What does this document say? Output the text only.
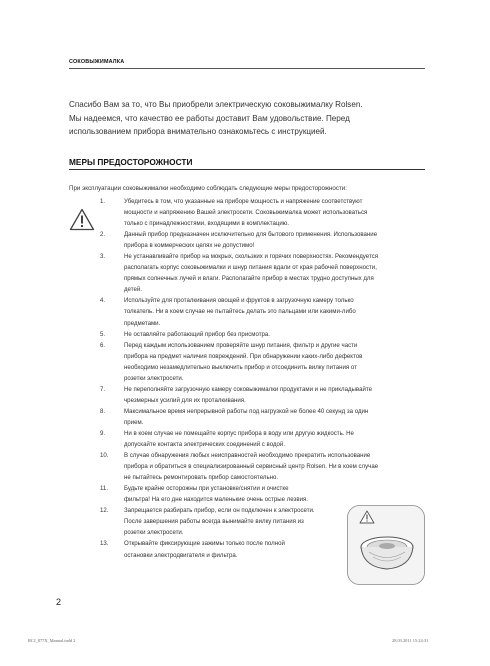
СОКОВЫЖИМАЛКА

Спасибо Вам за то, что Вы приобрели электрическую соковыжималку Rolsen.

Мы надеемся, что качество ее работы доставит Вам удовольствие. Перед

использованием прибора внимательно ознакомьтесь с инструкцией.

МЕРЫ ПРЕДОСТОРОЖНОСТИ
При эксплуатации соковыжималки необходимо соблюдать следующие меры предосторожности:
1.	Убедитесь в том, что указанные на приборе мощность и напряжение соответствуют
мощности и напряжению Вашей электросети. Соковыжималка может использоваться
только с принадлежностями, входящими в комплектацию.
2.	Данный прибор предназначен исключительно для бытового применения. Использование
прибора в коммерческих целях не допустимо!
3.	Не устанавливайте прибор на мокрых, скользких и горячих поверхностях. Рекомендуется
располагать корпус соковыжималки и шнур питания вдали от края рабочей поверхности,
прямых солнечных лучей и влаги. Располагайте прибор в местах трудно доступных для
детей.
4.	Используйте для проталкивания овощей и фруктов в загрузочную камеру только
толкатель. Ни в коем случае не пытайтесь делать это пальцами или какими-либо
предметами.
5.	Не оставляйте работающий прибор без присмотра.
6.	Перед каждым использованием проверяйте шнур питания, фильтр и другие части
прибора на предмет наличия повреждений. При обнаружении каких-либо дефектов
необходимо незамедлительно выключить прибор и отсоединить вилку питания от
розетки электросети.
7.	Не переполняйте загрузочную камеру соковыжималки продуктами и не прикладывайте
чрезмерных усилий для их проталкивания.
8.	Максимальное время непрерывной работы под нагрузкой не более 40 секунд за один
прием.
9.	Ни в коем случае не помещайте корпус прибора в воду или другую жидкость. Не
допускайте контакта электрических соединений с водой.
10.	В случае обнаружения любых неисправностей необходимо прекратить использование
прибора и обратиться в специализированный сервисный центр Rolsen. Ни в коем случае
не пытайтесь ремонтировать прибор самостоятельно.
11.	Будьте крайне осторожны при установке/снятии и очистке
фильтра! На его дне находится маленькие очень острые лезвия.
12.	Запрещается разбирать прибор, если он подключен к электросети.
После завершения работы всегда вынимайте вилку питания из
розетки электросети.
13.	Открывайте фиксирующие зажимы только после полной
остановки электродвигателя и фильтра.
2
RCJ_877X_Manual.indd 2	28.03.2011 15:24:31
